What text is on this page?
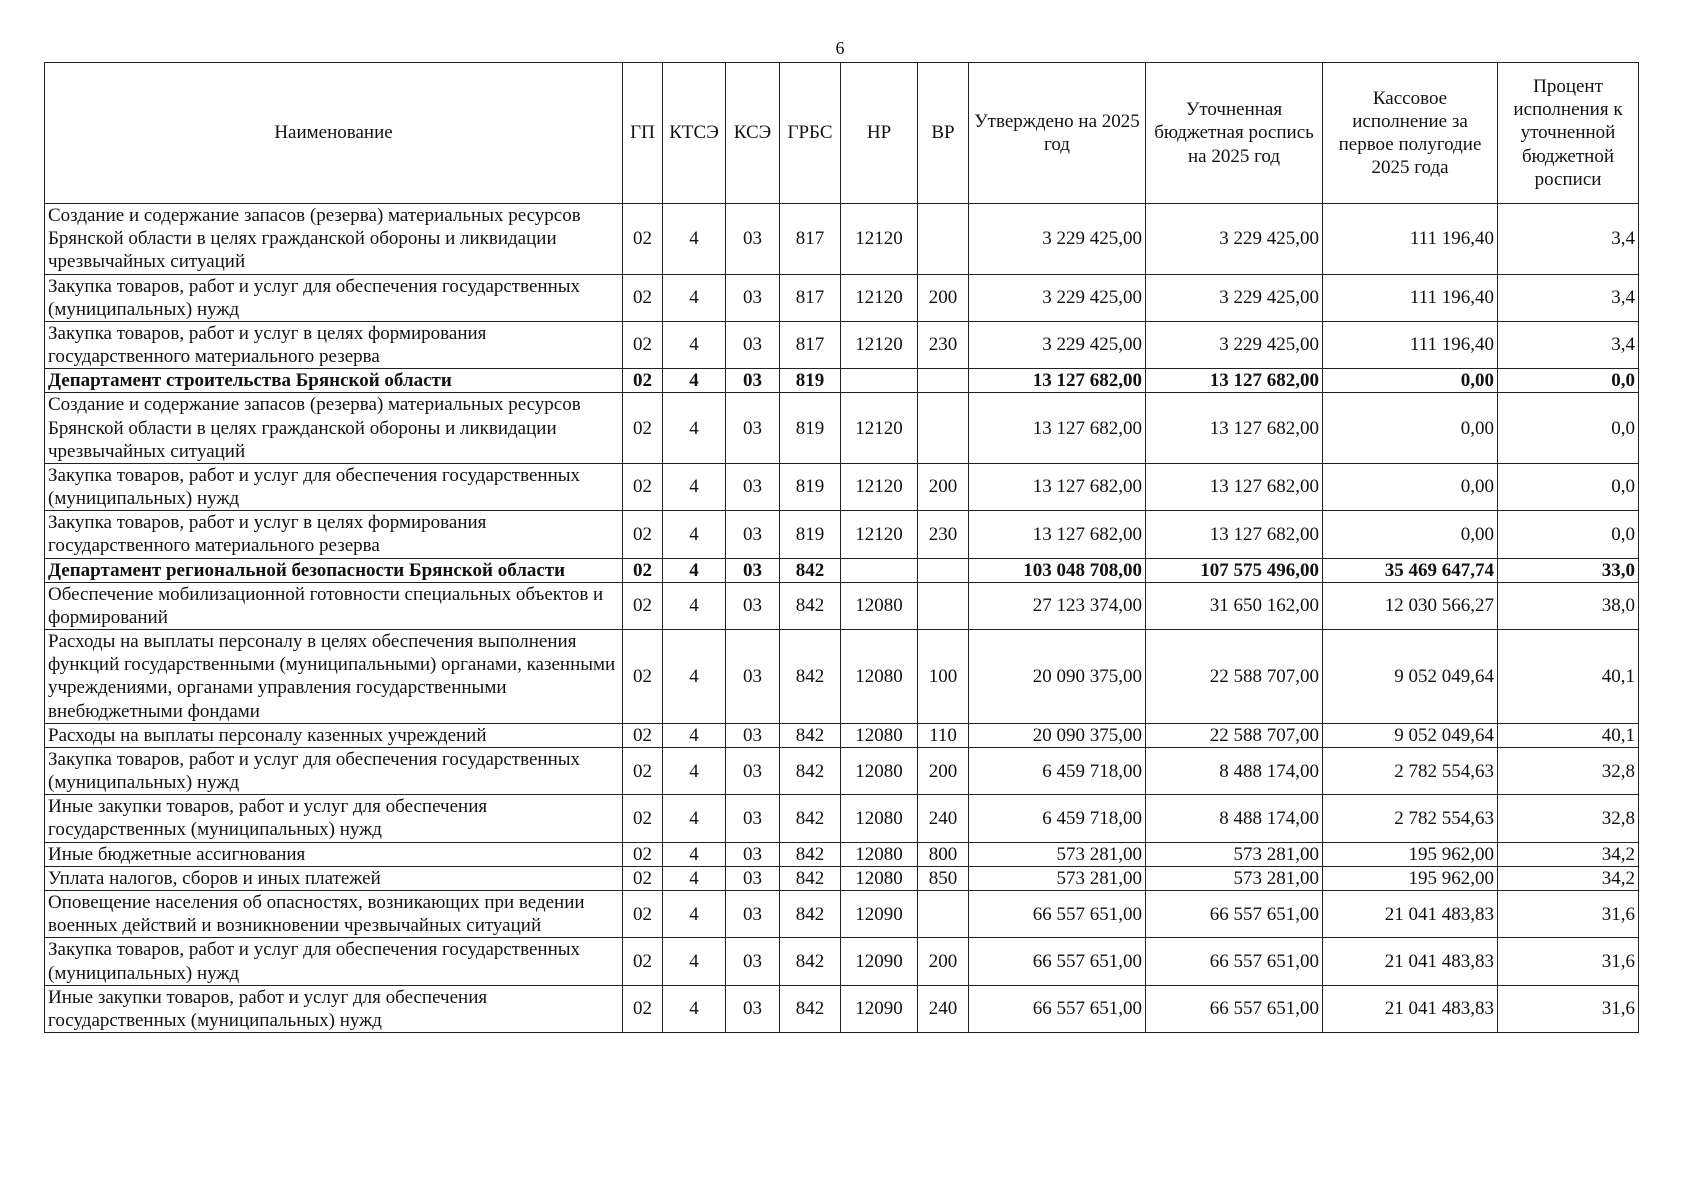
6
Наименование	ГП	КТСЭ	КСЭ	ГРБС	НР	ВР	Утверждено на 2025 год	Уточненная бюджетная роспись на 2025 год	Кассовое исполнение за первое полугодие 2025 года	Процент исполнения к уточненной бюджетной росписи
Создание и содержание запасов (резерва) материальных ресурсов Брянской области в целях гражданской обороны и ликвидации чрезвычайных ситуаций	02	4	03	817	12120		3 229 425,00	3 229 425,00	111 196,40	3,4
Закупка товаров, работ и услуг для обеспечения государственных (муниципальных) нужд	02	4	03	817	12120	200	3 229 425,00	3 229 425,00	111 196,40	3,4
Закупка товаров, работ и услуг в целях формирования государственного материального резерва	02	4	03	817	12120	230	3 229 425,00	3 229 425,00	111 196,40	3,4
Департамент строительства Брянской области	02	4	03	819			13 127 682,00	13 127 682,00	0,00	0,0
Создание и содержание запасов (резерва) материальных ресурсов Брянской области в целях гражданской обороны и ликвидации чрезвычайных ситуаций	02	4	03	819	12120		13 127 682,00	13 127 682,00	0,00	0,0
Закупка товаров, работ и услуг для обеспечения государственных (муниципальных) нужд	02	4	03	819	12120	200	13 127 682,00	13 127 682,00	0,00	0,0
Закупка товаров, работ и услуг в целях формирования государственного материального резерва	02	4	03	819	12120	230	13 127 682,00	13 127 682,00	0,00	0,0
Департамент региональной безопасности Брянской области	02	4	03	842			103 048 708,00	107 575 496,00	35 469 647,74	33,0
Обеспечение мобилизационной готовности специальных объектов и формирований	02	4	03	842	12080		27 123 374,00	31 650 162,00	12 030 566,27	38,0
Расходы на выплаты персоналу в целях обеспечения выполнения функций государственными (муниципальными) органами, казенными учреждениями, органами управления государственными внебюджетными фондами	02	4	03	842	12080	100	20 090 375,00	22 588 707,00	9 052 049,64	40,1
Расходы на выплаты персоналу казенных учреждений	02	4	03	842	12080	110	20 090 375,00	22 588 707,00	9 052 049,64	40,1
Закупка товаров, работ и услуг для обеспечения государственных (муниципальных) нужд	02	4	03	842	12080	200	6 459 718,00	8 488 174,00	2 782 554,63	32,8
Иные закупки товаров, работ и услуг для обеспечения государственных (муниципальных) нужд	02	4	03	842	12080	240	6 459 718,00	8 488 174,00	2 782 554,63	32,8
Иные бюджетные ассигнования	02	4	03	842	12080	800	573 281,00	573 281,00	195 962,00	34,2
Уплата налогов, сборов и иных платежей	02	4	03	842	12080	850	573 281,00	573 281,00	195 962,00	34,2
Оповещение населения об опасностях, возникающих при ведении военных действий и возникновении чрезвычайных ситуаций	02	4	03	842	12090		66 557 651,00	66 557 651,00	21 041 483,83	31,6
Закупка товаров, работ и услуг для обеспечения государственных (муниципальных) нужд	02	4	03	842	12090	200	66 557 651,00	66 557 651,00	21 041 483,83	31,6
Иные закупки товаров, работ и услуг для обеспечения государственных (муниципальных) нужд	02	4	03	842	12090	240	66 557 651,00	66 557 651,00	21 041 483,83	31,6
